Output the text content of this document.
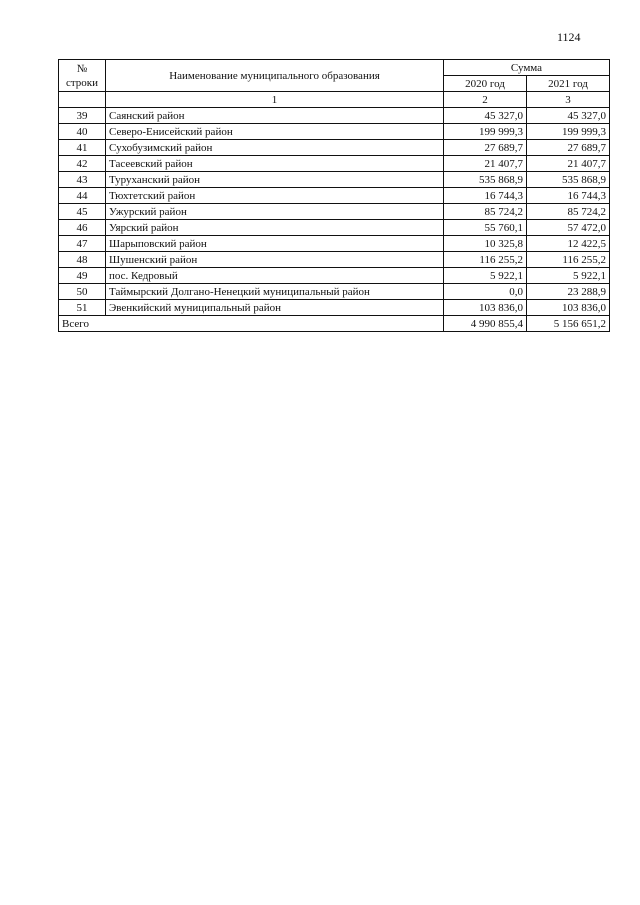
1124
№
строки	Наименование муниципального образования	Сумма	
		2020 год	2021 год
	1	2	3
39	Саянский район	45 327,0	45 327,0
40	Северо-Енисейский район	199 999,3	199 999,3
41	Сухобузимский район	27 689,7	27 689,7
42	Тасеевский район	21 407,7	21 407,7
43	Туруханский район	535 868,9	535 868,9
44	Тюхтетский район	16 744,3	16 744,3
45	Ужурский район	85 724,2	85 724,2
46	Уярский район	55 760,1	57 472,0
47	Шарыповский район	10 325,8	12 422,5
48	Шушенский район	116 255,2	116 255,2
49	пос. Кедровый	5 922,1	5 922,1
50	Таймырский Долгано-Ненецкий муниципальный район	0,0	23 288,9
51	Эвенкийский муниципальный район	103 836,0	103 836,0
Всего		4 990 855,4	5 156 651,2
